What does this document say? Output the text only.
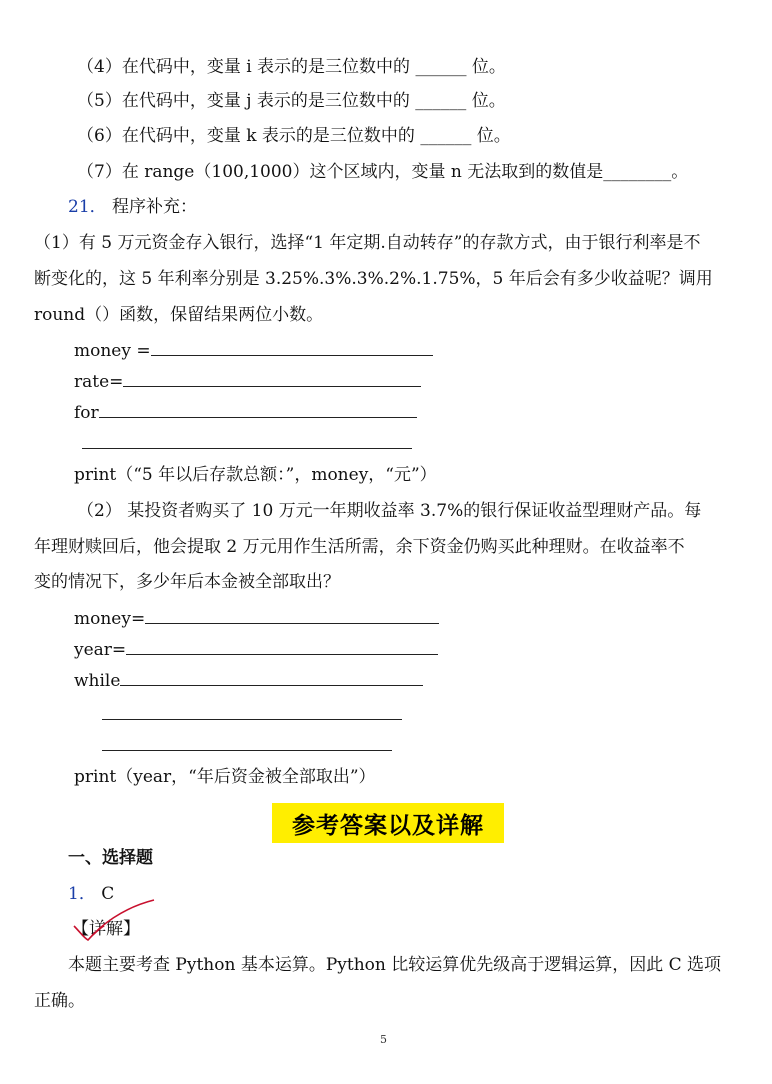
（4）在代码中，变量 i 表示的是三位数中的 ______ 位。
（5）在代码中，变量 j 表示的是三位数中的 ______ 位。
（6）在代码中，变量 k 表示的是三位数中的 ______ 位。
（7）在 range（100,1000）这个区域内，变量 n 无法取到的数值是________。
21． 程序补充：
（1）有 5 万元资金存入银行，选择“1 年定期.自动转存”的存款方式，由于银行利率是不
断变化的，这 5 年利率分别是 3.25%.3%.3%.2%.1.75%，5 年后会有多少收益呢？调用
round（）函数，保留结果两位小数。
money =
rate=
for
print（“5 年以后存款总额：”，money，“元”）
（2） 某投资者购买了 10 万元一年期收益率 3.7%的银行保证收益型理财产品。每
年理财赎回后，他会提取 2 万元用作生活所需，余下资金仍购买此种理财。在收益率不
变的情况下，多少年后本金被全部取出？
money=
year=
while
print（year，“年后资金被全部取出”）
参考答案以及详解
一、选择题
1． C
【详解】
本题主要考查 Python 基本运算。Python 比较运算优先级高于逻辑运算，因此 C 选项
正确。
5
